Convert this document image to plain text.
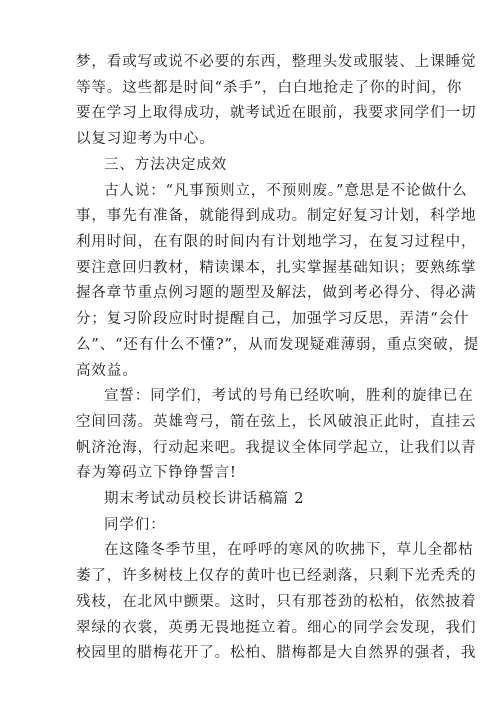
梦，看或写或说不必要的东西，整理头发或服装、上课睡觉
等等。这些都是时间“杀手”，白白地抢走了你的时间，你
要在学习上取得成功，就考试近在眼前，我要求同学们一切
以复习迎考为中心。
三、方法决定成效
古人说：“凡事预则立，不预则废。”意思是不论做什么
事，事先有准备，就能得到成功。制定好复习计划，科学地
利用时间，在有限的时间内有计划地学习，在复习过程中，
要注意回归教材，精读课本，扎实掌握基础知识；要熟练掌
握各章节重点例习题的题型及解法，做到考必得分、得必满
分；复习阶段应时时提醒自己，加强学习反思，弄清“会什
么”、“还有什么不懂?”，从而发现疑难薄弱，重点突破，提
高效益。
宣誓：同学们，考试的号角已经吹响，胜利的旋律已在
空间回荡。英雄弯弓，箭在弦上，长风破浪正此时，直挂云
帆济沧海，行动起来吧。我提议全体同学起立，让我们以青
春为筹码立下铮铮誓言!
期末考试动员校长讲话稿篇 2
同学们：
在这隆冬季节里，在呼呼的寒风的吹拂下，草儿全都枯
萎了，许多树枝上仅存的黄叶也已经剥落，只剩下光秃秃的
残枝，在北风中颤栗。这时，只有那苍劲的松柏，依然披着
翠绿的衣裳，英勇无畏地挺立着。细心的同学会发现，我们
校园里的腊梅花开了。松柏、腊梅都是大自然界的强者，我
